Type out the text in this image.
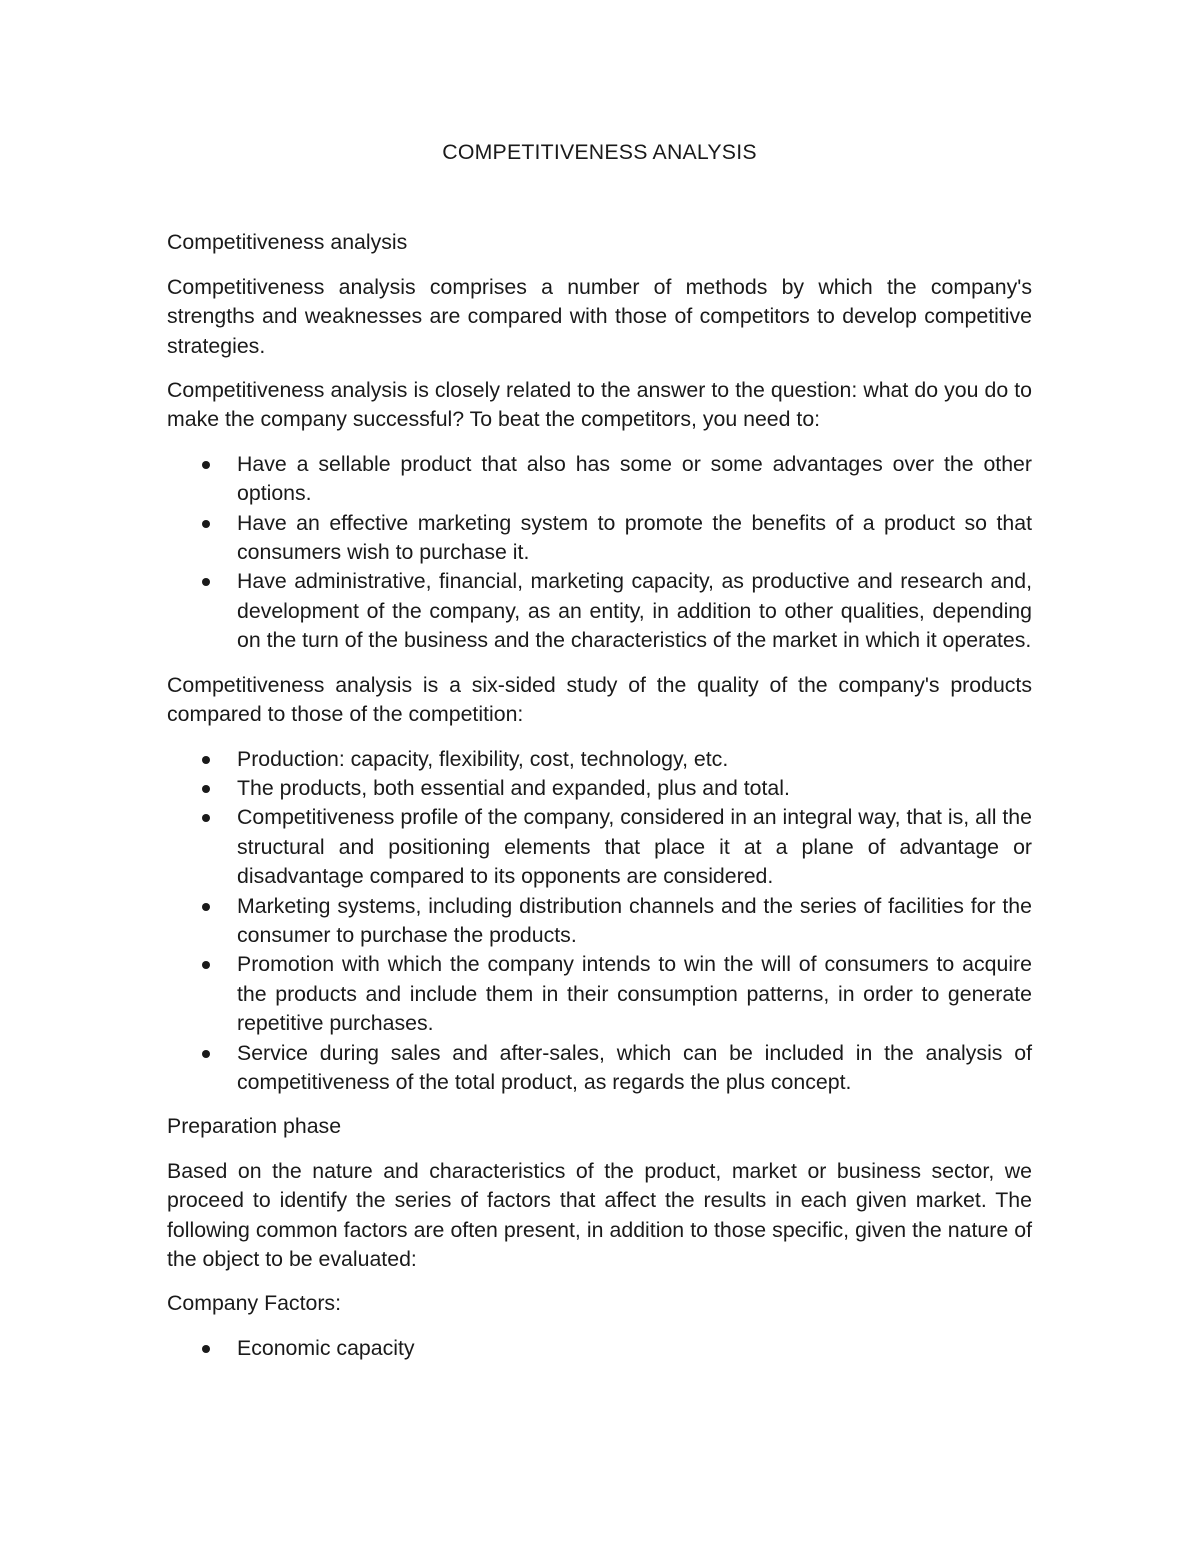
COMPETITIVENESS ANALYSIS
Competitiveness analysis

Competitiveness analysis comprises a number of methods by which the company's strengths and weaknesses are compared with those of competitors to develop competitive strategies.

Competitiveness analysis is closely related to the answer to the question: what do you do to make the company successful? To beat the competitors, you need to:

Have a sellable product that also has some or some advantages over the other options.
Have an effective marketing system to promote the benefits of a product so that consumers wish to purchase it.
Have administrative, financial, marketing capacity, as productive and research and, development of the company, as an entity, in addition to other qualities, depending on the turn of the business and the characteristics of the market in which it operates.

Competitiveness analysis is a six-sided study of the quality of the company's products compared to those of the competition:

Production: capacity, flexibility, cost, technology, etc.
The products, both essential and expanded, plus and total.
Competitiveness profile of the company, considered in an integral way, that is, all the structural and positioning elements that place it at a plane of advantage or disadvantage compared to its opponents are considered.
Marketing systems, including distribution channels and the series of facilities for the consumer to purchase the products.
Promotion with which the company intends to win the will of consumers to acquire the products and include them in their consumption patterns, in order to generate repetitive purchases.
Service during sales and after-sales, which can be included in the analysis of competitiveness of the total product, as regards the plus concept.
Preparation phase

Based on the nature and characteristics of the product, market or business sector, we proceed to identify the series of factors that affect the results in each given market. The following common factors are often present, in addition to those specific, given the nature of the object to be evaluated:

Company Factors:
Economic capacity
